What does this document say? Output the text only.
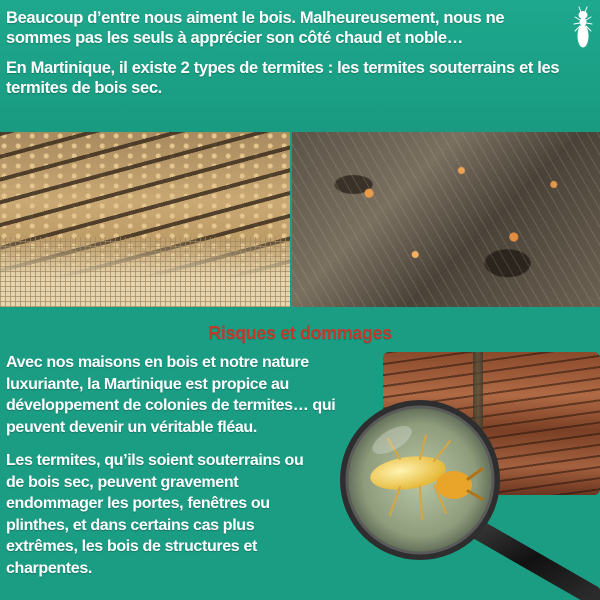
Beaucoup d’entre nous aiment le bois. Malheureusement, nous ne sommes pas les seuls à apprécier son côté chaud et noble…

En Martinique, il existe 2 types de termites : les termites souterrains et les termites de bois sec.

Risques et dommages

Avec nos maisons en bois et notre nature luxuriante, la Martinique est propice au développement de colonies de termites… qui peuvent devenir un véritable fléau.

Les termites, qu’ils soient souterrains ou de bois sec, peuvent gravement endommager les portes, fenêtres ou plinthes, et dans certains cas plus extrêmes, les bois de structures et charpentes.
